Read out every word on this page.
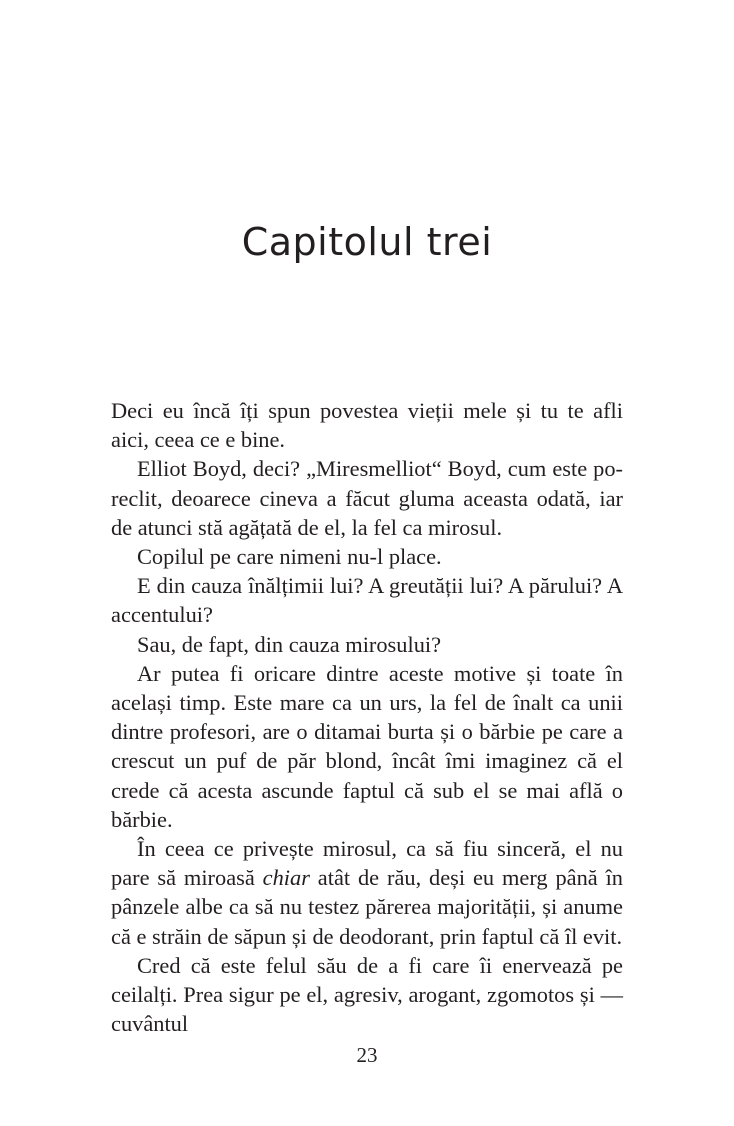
Capitolul trei

Deci eu încă îți spun povestea vieții mele și tu te afli aici, ceea ce e bine.

Elliot Boyd, deci? „Miresmelliot“ Boyd, cum este poreclit, deoarece cineva a făcut gluma aceasta odată, iar de atunci stă agățată de el, la fel ca mirosul.

Copilul pe care nimeni nu-l place.

E din cauza înălțimii lui? A greutății lui? A părului? A accentului?

Sau, de fapt, din cauza mirosului?

Ar putea fi oricare dintre aceste motive și toate în același timp. Este mare ca un urs, la fel de înalt ca unii dintre profesori, are o ditamai burta și o bărbie pe care a crescut un puf de păr blond, încât îmi imaginez că el crede că acesta ascunde faptul că sub el se mai află o bărbie.

În ceea ce privește mirosul, ca să fiu sinceră, el nu pare să miroasă chiar atât de rău, deși eu merg până în pânzele albe ca să nu testez părerea majorității, și anume că e străin de săpun și de deodorant, prin faptul că îl evit.

Cred că este felul său de a fi care îi enervează pe ceilalți. Prea sigur pe el, agresiv, arogant, zgomotos și — cuvântul

23
